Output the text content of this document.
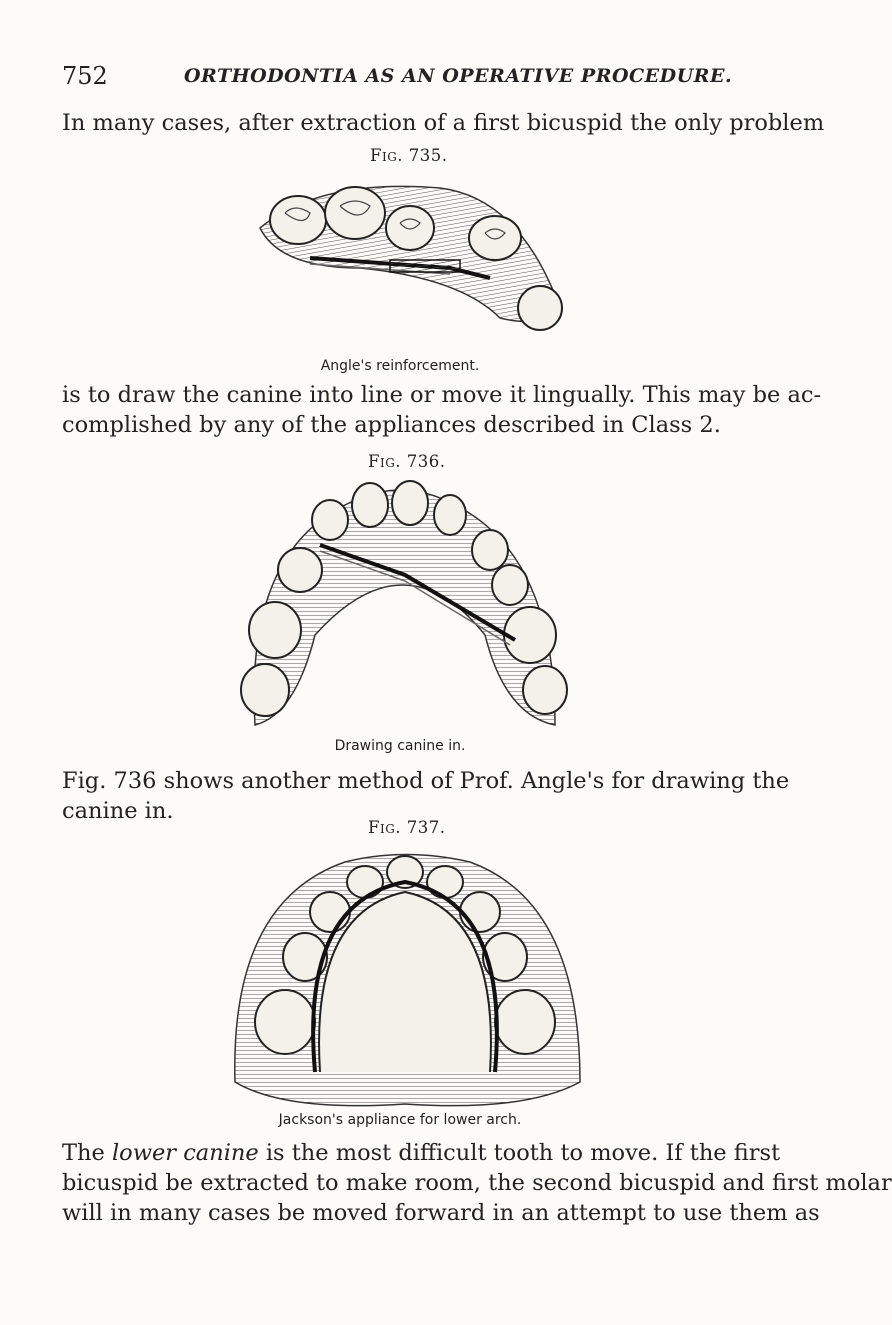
752	ORTHODONTIA AS AN OPERATIVE PROCEDURE.
In many cases, after extraction of a first bicuspid the only problem
Fig. 735.
Angle's reinforcement.
is to draw the canine into line or move it lingually. This may be ac-
complished by any of the appliances described in Class 2.
Fig. 736.
Drawing canine in.
Fig. 736 shows another method of Prof. Angle's for drawing the
canine in.
Fig. 737.
Jackson's appliance for lower arch.
The lower canine is the most difficult tooth to move. If the first
bicuspid be extracted to make room, the second bicuspid and first molar
will in many cases be moved forward in an attempt to use them as
